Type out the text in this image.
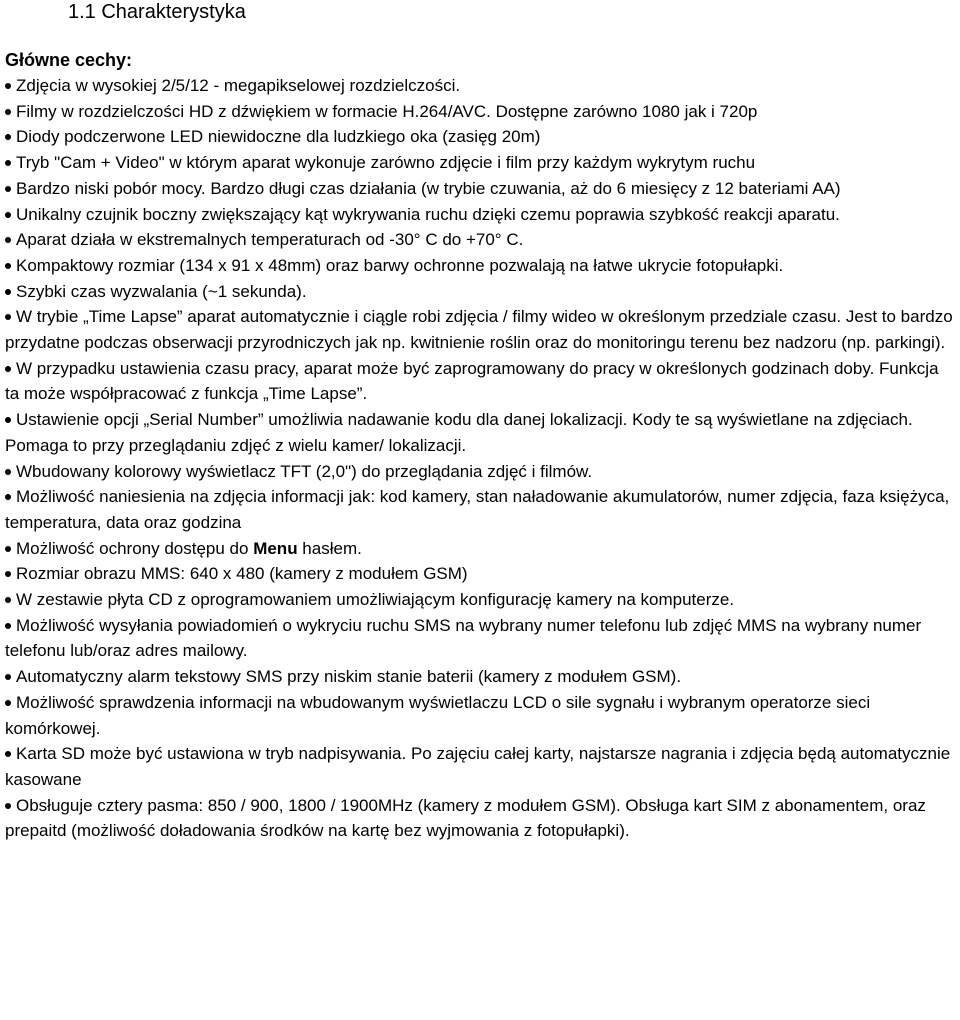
1.1 Charakterystyka
Główne cechy:
Zdjęcia w wysokiej 2/5/12 - megapikselowej rozdzielczości.
Filmy w rozdzielczości HD z dźwiękiem w formacie H.264/AVC. Dostępne zarówno 1080 jak i 720p
Diody podczerwone LED niewidoczne dla ludzkiego oka (zasięg 20m)
Tryb "Cam + Video" w którym aparat wykonuje zarówno zdjęcie i film przy każdym wykrytym ruchu
Bardzo niski pobór mocy. Bardzo długi czas działania (w trybie czuwania, aż do 6 miesięcy z 12 bateriami AA)
Unikalny czujnik boczny zwiększający kąt wykrywania ruchu dzięki czemu poprawia szybkość reakcji aparatu.
Aparat działa w ekstremalnych temperaturach od -30° C do +70° C.
Kompaktowy rozmiar (134 x 91 x 48mm) oraz barwy ochronne pozwalają na łatwe ukrycie fotopułapki.
Szybki czas wyzwalania (~1 sekunda).
W trybie „Time Lapse” aparat automatycznie i ciągle robi zdjęcia / filmy wideo w określonym przedziale czasu. Jest to bardzo przydatne podczas obserwacji przyrodniczych jak np. kwitnienie roślin oraz do monitoringu terenu bez nadzoru (np. parkingi).
W przypadku ustawienia czasu pracy, aparat może być zaprogramowany do pracy w określonych godzinach doby. Funkcja ta może współpracować z funkcja „Time Lapse”.
Ustawienie opcji „Serial Number” umożliwia nadawanie kodu dla danej lokalizacji. Kody te są wyświetlane na zdjęciach. Pomaga to przy przeglądaniu zdjęć z wielu kamer/ lokalizacji.
Wbudowany kolorowy wyświetlacz TFT (2,0") do przeglądania zdjęć i filmów.
Możliwość naniesienia na zdjęcia informacji jak: kod kamery, stan naładowanie akumulatorów, numer zdjęcia, faza księżyca, temperatura, data oraz godzina
Możliwość ochrony dostępu do Menu hasłem.
Rozmiar obrazu MMS: 640 x 480 (kamery z modułem GSM)
W zestawie płyta CD z oprogramowaniem umożliwiającym konfigurację kamery na komputerze.
Możliwość wysyłania powiadomień o wykryciu ruchu SMS na wybrany numer telefonu lub zdjęć MMS na wybrany numer telefonu lub/oraz adres mailowy.
Automatyczny alarm tekstowy SMS przy niskim stanie baterii (kamery z modułem GSM).
Możliwość sprawdzenia informacji na wbudowanym wyświetlaczu LCD o sile sygnału i wybranym operatorze sieci komórkowej.
Karta SD może być ustawiona w tryb nadpisywania. Po zajęciu całej karty, najstarsze nagrania i zdjęcia będą automatycznie kasowane
Obsługuje cztery pasma: 850 / 900, 1800 / 1900MHz (kamery z modułem GSM). Obsługa kart SIM z abonamentem, oraz prepaitd (możliwość doładowania środków na kartę bez wyjmowania z fotopułapki).
